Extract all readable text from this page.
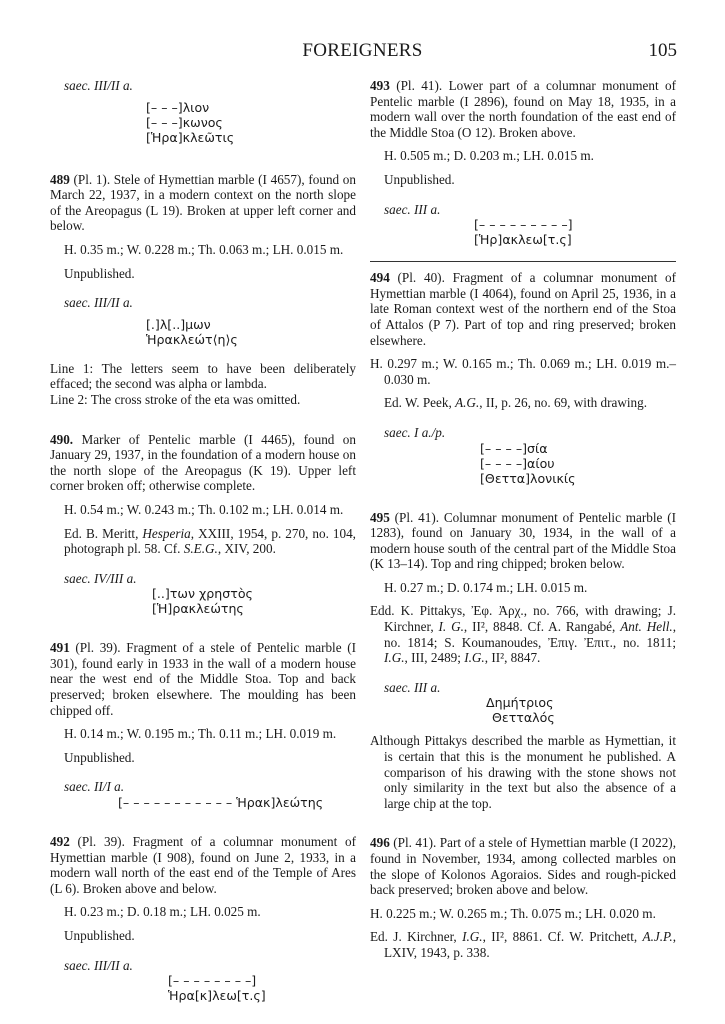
FOREIGNERS	105

saec. III/II a.

[– – –]λιον
[– – –]κωνος
[Ἡρα]κλεῶτις

489 (Pl. 1). Stele of Hymettian marble (I 4657), found on March 22, 1937, in a modern context on the north slope of the Areopagus (L 19). Broken at upper left corner and below.

H. 0.35 m.; W. 0.228 m.; Th. 0.063 m.; LH. 0.015 m.

Unpublished.

saec. III/II a.

[.]λ[..]μων
Ἡρακλεώτ⟨η⟩ς

Line 1: The letters seem to have been deliberately effaced; the second was alpha or lambda.

Line 2: The cross stroke of the eta was omitted.

490. Marker of Pentelic marble (I 4465), found on January 29, 1937, in the foundation of a modern house on the north slope of the Areopagus (K 19). Upper left corner broken off; otherwise complete.

H. 0.54 m.; W. 0.243 m.; Th. 0.102 m.; LH. 0.014 m.

Ed. B. Meritt, Hesperia, XXIII, 1954, p. 270, no. 104, photograph pl. 58. Cf. S.E.G., XIV, 200.

saec. IV/III a.

[..]των χρηστὸς
[Ἡ]ρακλεώτης

491 (Pl. 39). Fragment of a stele of Pentelic marble (I 301), found early in 1933 in the wall of a modern house near the west end of the Middle Stoa. Top and back preserved; broken elsewhere. The moulding has been chipped off.

H. 0.14 m.; W. 0.195 m.; Th. 0.11 m.; LH. 0.019 m.

Unpublished.

saec. II/I a.

[– – – – – – – – – – – Ἡρακ]λεώτης

492 (Pl. 39). Fragment of a columnar monument of Hymettian marble (I 908), found on June 2, 1933, in a modern wall north of the east end of the Temple of Ares (L 6). Broken above and below.

H. 0.23 m.; D. 0.18 m.; LH. 0.025 m.

Unpublished.

saec. III/II a.

[– – – – – – – –]
Ἡρα[κ]λεω[τ.ς]

493 (Pl. 41). Lower part of a columnar monument of Pentelic marble (I 2896), found on May 18, 1935, in a modern wall over the north foundation of the east end of the Middle Stoa (O 12). Broken above.

H. 0.505 m.; D. 0.203 m.; LH. 0.015 m.

Unpublished.

saec. III a.

[– – – – – – – – –]
[Ἡρ]ακλεω[τ.ς]

494 (Pl. 40). Fragment of a columnar monument of Hymettian marble (I 4064), found on April 25, 1936, in a late Roman context west of the northern end of the Stoa of Attalos (P 7). Part of top and ring preserved; broken elsewhere.

H. 0.297 m.; W. 0.165 m.; Th. 0.069 m.; LH. 0.019 m.– 0.030 m.

Ed. W. Peek, A.G., II, p. 26, no. 69, with drawing.

saec. I a./p.

[– – – –]σία
[– – – –]αίου
[Θεττα]λονικίς

495 (Pl. 41). Columnar monument of Pentelic marble (I 1283), found on January 30, 1934, in the wall of a modern house south of the central part of the Middle Stoa (K 13–14). Top and ring chipped; broken below.

H. 0.27 m.; D. 0.174 m.; LH. 0.015 m.

Edd. K. Pittakys, Ἐφ. Ἀρχ., no. 766, with drawing; J. Kirchner, I. G., II², 8848. Cf. A. Rangabé, Ant. Hell., no. 1814; S. Koumanoudes, Ἐπιγ. Ἐπιτ., no. 1811; I.G., III, 2489; I.G., II², 8847.

saec. III a.

Δημήτριος
Θετταλός

Although Pittakys described the marble as Hymettian, it is certain that this is the monument he published. A comparison of his drawing with the stone shows not only similarity in the text but also the absence of a large chip at the top.

496 (Pl. 41). Part of a stele of Hymettian marble (I 2022), found in November, 1934, among collected marbles on the slope of Kolonos Agoraios. Sides and rough-picked back preserved; broken above and below.

H. 0.225 m.; W. 0.265 m.; Th. 0.075 m.; LH. 0.020 m.

Ed. J. Kirchner, I.G., II², 8861. Cf. W. Pritchett, A.J.P., LXIV, 1943, p. 338.
